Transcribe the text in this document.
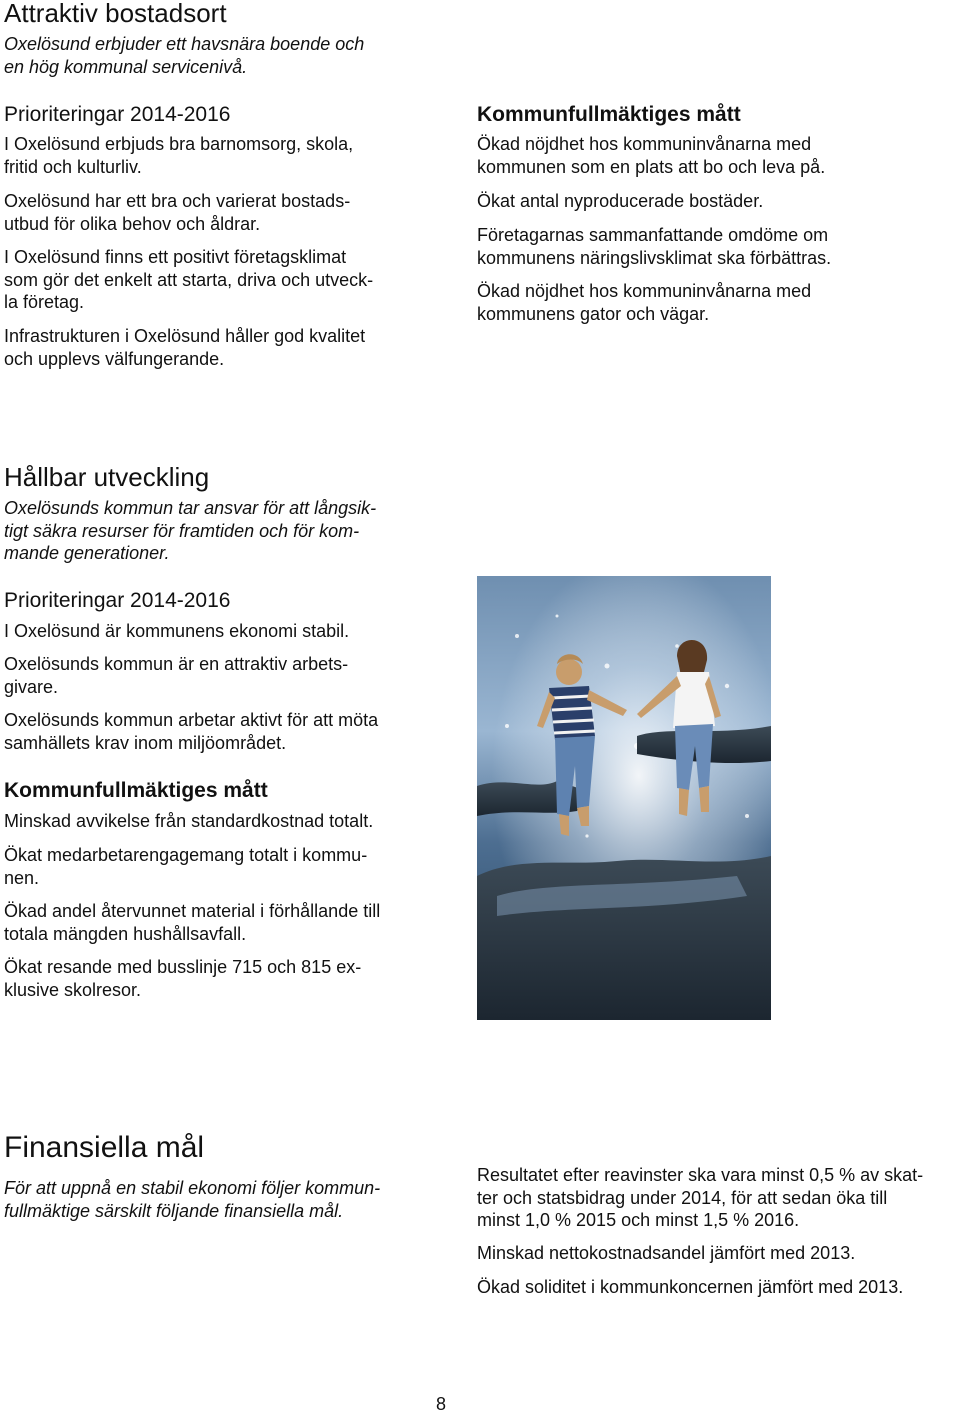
Attraktiv bostadsort
Oxelösund erbjuder ett havsnära boende och
en hög kommunal servicenivå.
Prioriteringar 2014-2016
I Oxelösund erbjuds bra barnomsorg, skola,
fritid och kulturliv.
Oxelösund har ett bra och varierat bostads-
utbud för olika behov och åldrar.
I Oxelösund finns ett positivt företagsklimat
som gör det enkelt att starta, driva och utveck-
la företag.
Infrastrukturen i Oxelösund håller god kvalitet
och upplevs välfungerande.
Kommunfullmäktiges mått
Ökad nöjdhet hos kommuninvånarna med
kommunen som en plats att bo och leva på.
Ökat antal nyproducerade bostäder.
Företagarnas sammanfattande omdöme om
kommunens näringslivsklimat ska förbättras.
Ökad nöjdhet hos kommuninvånarna med
kommunens gator och vägar.
Hållbar utveckling
Oxelösunds kommun tar ansvar för att långsik-
tigt säkra resurser för framtiden och för kom-
mande generationer.
Prioriteringar 2014-2016
I Oxelösund är kommunens ekonomi stabil.
Oxelösunds kommun är en attraktiv arbets-
givare.
Oxelösunds kommun arbetar aktivt för att möta
samhällets krav inom miljöområdet.
Kommunfullmäktiges mått
Minskad avvikelse från standardkostnad totalt.
Ökat medarbetarengagemang totalt i kommu-
nen.
Ökad andel återvunnet material i förhållande till
totala mängden hushållsavfall.
Ökat resande med busslinje 715 och 815 ex-
klusive skolresor.
Finansiella mål
För att uppnå en stabil ekonomi följer kommun-
fullmäktige särskilt följande finansiella mål.
Resultatet efter reavinster ska vara minst 0,5 % av skat-
ter och statsbidrag under 2014, för att sedan öka till
minst 1,0 % 2015 och minst 1,5 % 2016.
Minskad nettokostnadsandel jämfört med 2013.
Ökad soliditet i kommunkoncernen jämfört med 2013.
8
